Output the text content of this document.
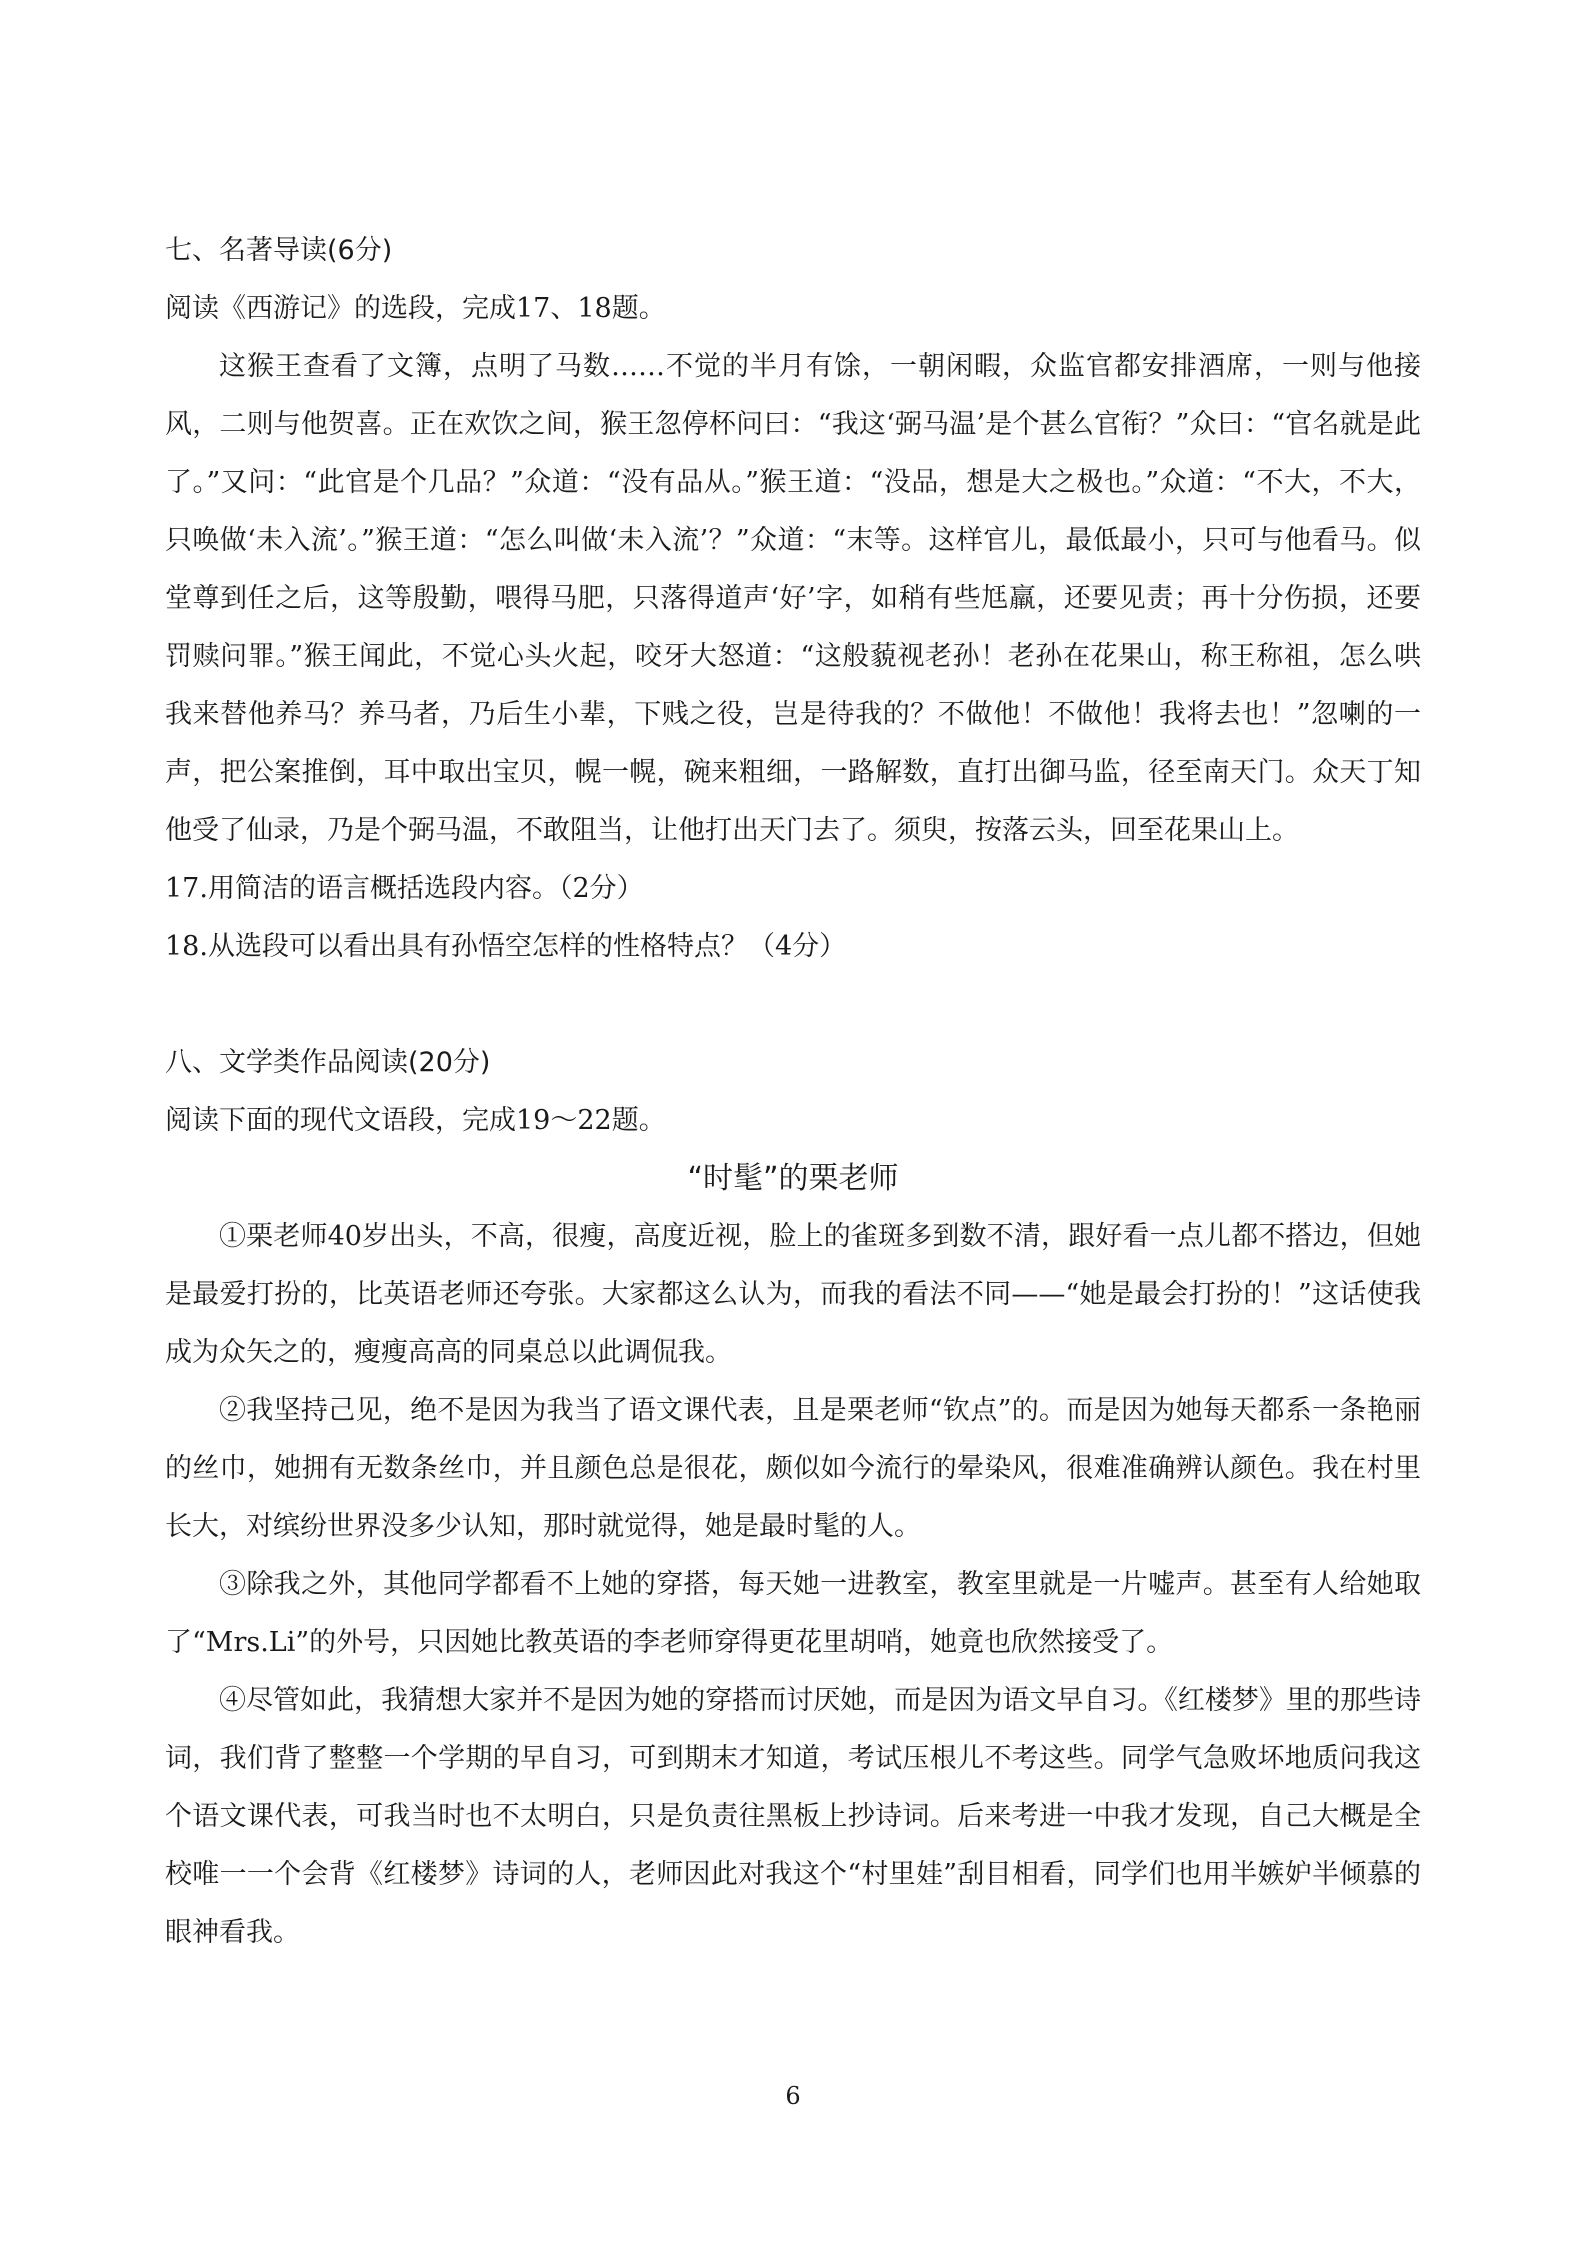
七、名著导读(6分)

阅读《西游记》的选段，完成17、18题。

这猴王查看了文簿，点明了马数……不觉的半月有馀，一朝闲暇，众监官都安排酒席，一则与他接风，二则与他贺喜。正在欢饮之间，猴王忽停杯问曰：“我这‘弼马温’是个甚么官衔？”众曰：“官名就是此了。”又问：“此官是个几品？”众道：“没有品从。”猴王道：“没品，想是大之极也。”众道：“不大，不大，只唤做‘未入流’。”猴王道：“怎么叫做‘未入流’？”众道：“末等。这样官儿，最低最小，只可与他看马。似堂尊到任之后，这等殷勤，喂得马肥，只落得道声‘好’字，如稍有些尪羸，还要见责；再十分伤损，还要罚赎问罪。”猴王闻此，不觉心头火起，咬牙大怒道：“这般藐视老孙！老孙在花果山，称王称祖，怎么哄我来替他养马？养马者，乃后生小辈，下贱之役，岂是待我的？不做他！不做他！我将去也！”忽喇的一声，把公案推倒，耳中取出宝贝，幌一幌，碗来粗细，一路解数，直打出御马监，径至南天门。众天丁知他受了仙录，乃是个弼马温，不敢阻当，让他打出天门去了。须臾，按落云头，回至花果山上。

17.用简洁的语言概括选段内容。（2分）

18.从选段可以看出具有孙悟空怎样的性格特点？（4分）

八、文学类作品阅读(20分)

阅读下面的现代文语段，完成19～22题。

“时髦”的栗老师

①栗老师40岁出头，不高，很瘦，高度近视，脸上的雀斑多到数不清，跟好看一点儿都不搭边，但她是最爱打扮的，比英语老师还夸张。大家都这么认为，而我的看法不同——“她是最会打扮的！”这话使我成为众矢之的，瘦瘦高高的同桌总以此调侃我。

②我坚持己见，绝不是因为我当了语文课代表，且是栗老师“钦点”的。而是因为她每天都系一条艳丽的丝巾，她拥有无数条丝巾，并且颜色总是很花，颇似如今流行的晕染风，很难准确辨认颜色。我在村里长大，对缤纷世界没多少认知，那时就觉得，她是最时髦的人。

③除我之外，其他同学都看不上她的穿搭，每天她一进教室，教室里就是一片嘘声。甚至有人给她取了“Mrs.Li”的外号，只因她比教英语的李老师穿得更花里胡哨，她竟也欣然接受了。

④尽管如此，我猜想大家并不是因为她的穿搭而讨厌她，而是因为语文早自习。《红楼梦》里的那些诗词，我们背了整整一个学期的早自习，可到期末才知道，考试压根儿不考这些。同学气急败坏地质问我这个语文课代表，可我当时也不太明白，只是负责往黑板上抄诗词。后来考进一中我才发现，自己大概是全校唯一一个会背《红楼梦》诗词的人，老师因此对我这个“村里娃”刮目相看，同学们也用半嫉妒半倾慕的眼神看我。

6
